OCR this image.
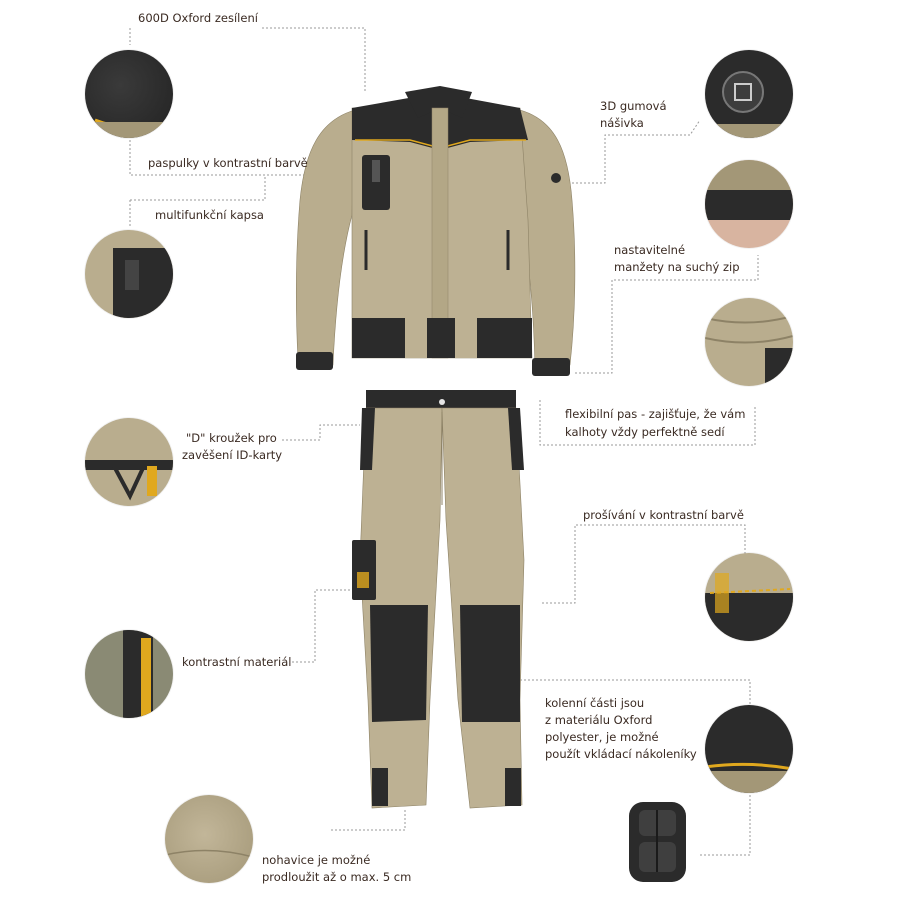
600D Oxford zesílení
paspulky v kontrastní barvě
multifunkční kapsa
"D" kroužek pro
zavěšení ID-karty
kontrastní materiál
nohavice je možné
prodloužit až o max. 5 cm
3D gumová
nášivka
nastavitelné
manžety na suchý zip
flexibilní pas - zajišťuje, že vám
kalhoty vždy perfektně sedí
prošívání v kontrastní barvě
kolenní části jsou
z materiálu Oxford
polyester, je možné
použít vkládací nákoleníky
